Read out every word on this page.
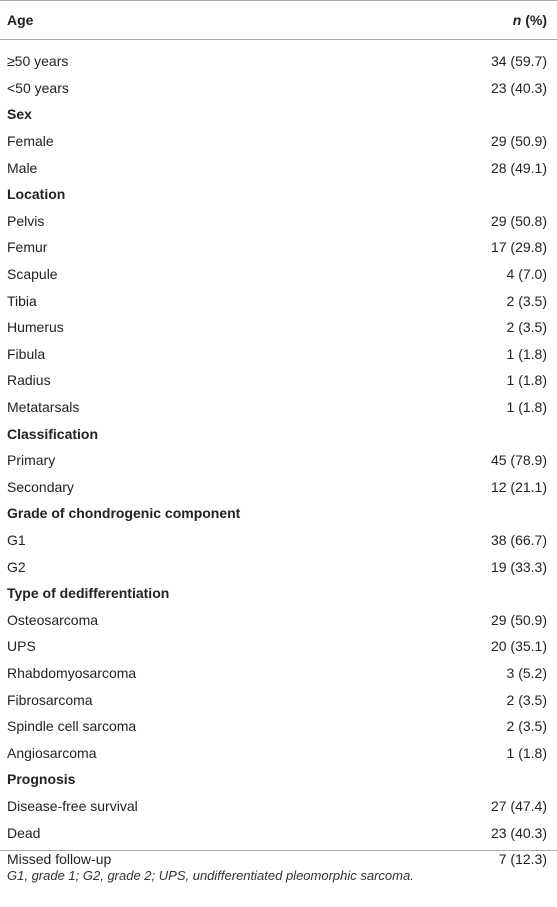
Age	n (%)
≥50 years	34 (59.7)
<50 years	23 (40.3)
Sex
Female	29 (50.9)
Male	28 (49.1)
Location
Pelvis	29 (50.8)
Femur	17 (29.8)
Scapule	4 (7.0)
Tibia	2 (3.5)
Humerus	2 (3.5)
Fibula	1 (1.8)
Radius	1 (1.8)
Metatarsals	1 (1.8)
Classification
Primary	45 (78.9)
Secondary	12 (21.1)
Grade of chondrogenic component
G1	38 (66.7)
G2	19 (33.3)
Type of dedifferentiation
Osteosarcoma	29 (50.9)
UPS	20 (35.1)
Rhabdomyosarcoma	3 (5.2)
Fibrosarcoma	2 (3.5)
Spindle cell sarcoma	2 (3.5)
Angiosarcoma	1 (1.8)
Prognosis
Disease-free survival	27 (47.4)
Dead	23 (40.3)
Missed follow-up	7 (12.3)
G1, grade 1; G2, grade 2; UPS, undifferentiated pleomorphic sarcoma.
